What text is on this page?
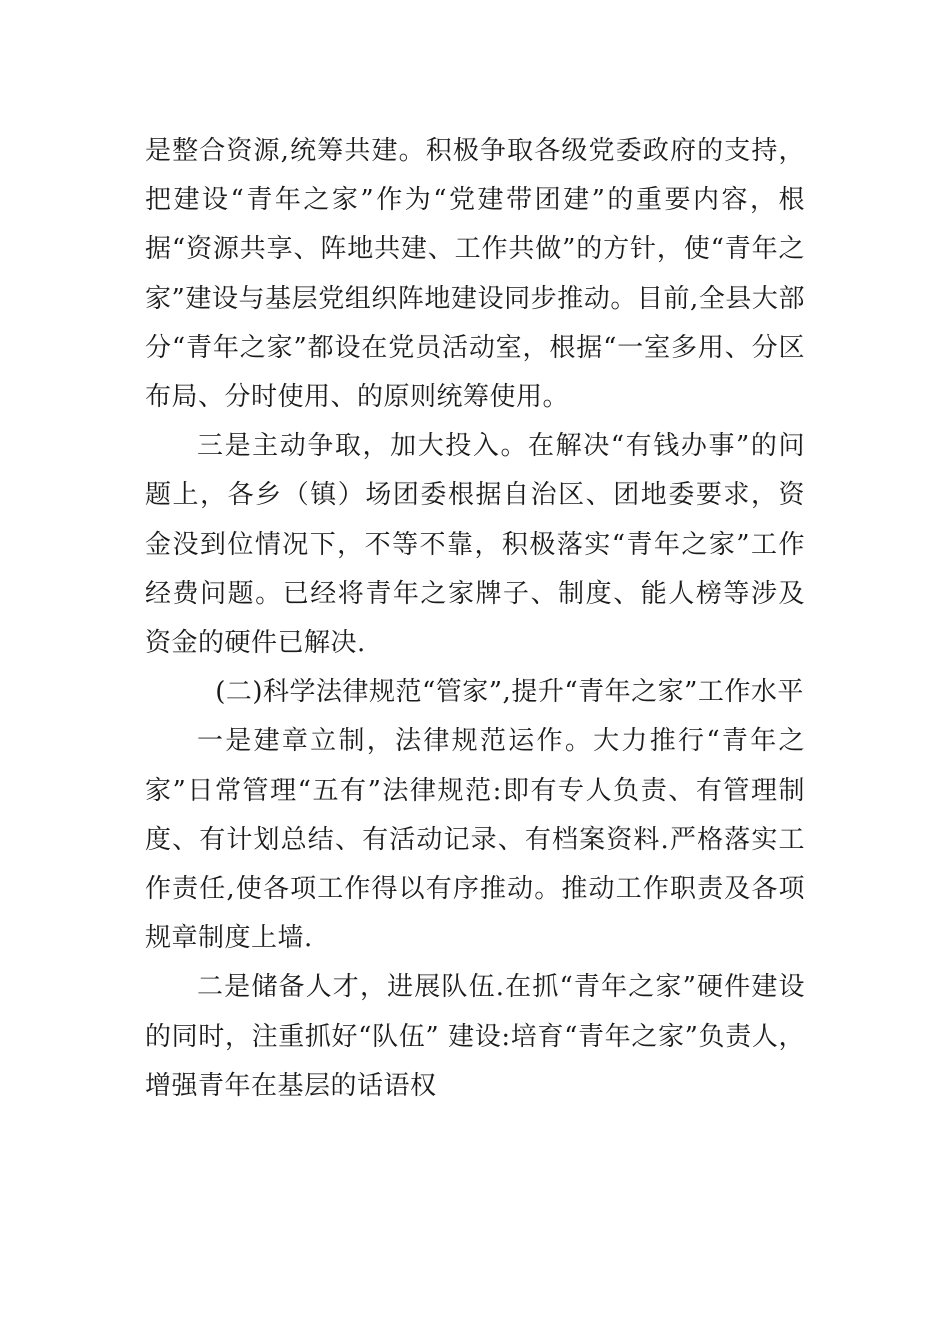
是整合资源,统筹共建。积极争取各级党委政府的支持，把建设“青年之家”作为“党建带团建”的重要内容，根据“资源共享、阵地共建、工作共做”的方针，使“青年之家”建设与基层党组织阵地建设同步推动。目前,全县大部分“青年之家”都设在党员活动室，根据“一室多用、分区布局、分时使用、的原则统筹使用。

三是主动争取，加大投入。在解决“有钱办事”的问题上，各乡（镇）场团委根据自治区、团地委要求，资金没到位情况下，不等不靠，积极落实“青年之家”工作经费问题。已经将青年之家牌子、制度、能人榜等涉及资金的硬件已解决.

(二)科学法律规范“管家”,提升“青年之家”工作水平

一是建章立制，法律规范运作。大力推行“青年之家”日常管理“五有”法律规范:即有专人负责、有管理制度、有计划总结、有活动记录、有档案资料.严格落实工作责任,使各项工作得以有序推动。推动工作职责及各项规章制度上墙.

二是储备人才，进展队伍.在抓“青年之家”硬件建设的同时，注重抓好“队伍” 建设:培育“青年之家”负责人，增强青年在基层的话语权
